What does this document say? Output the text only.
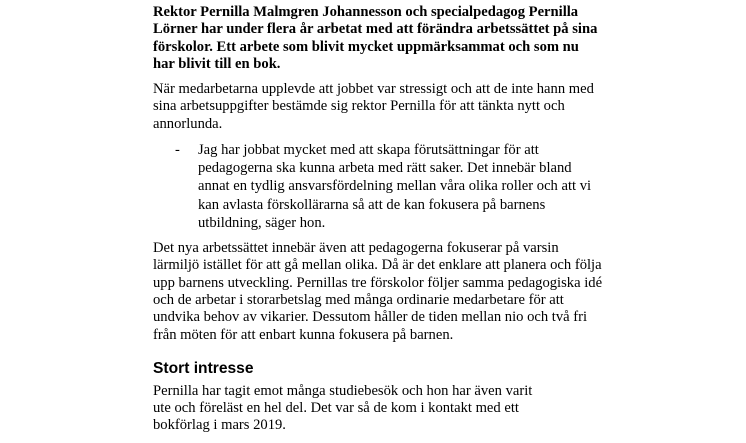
Rektor Pernilla Malmgren Johannesson och specialpedagog Pernilla
Lörner har under flera år arbetat med att förändra arbetssättet på sina
förskolor. Ett arbete som blivit mycket uppmärksammat och som nu
har blivit till en bok.

När medarbetarna upplevde att jobbet var stressigt och att de inte hann med
sina arbetsuppgifter bestämde sig rektor Pernilla för att tänkta nytt och
annorlunda.

- Jag har jobbat mycket med att skapa förutsättningar för att
pedagogerna ska kunna arbeta med rätt saker. Det innebär bland
annat en tydlig ansvarsfördelning mellan våra olika roller och att vi
kan avlasta förskollärarna så att de kan fokusera på barnens
utbildning, säger hon.

Det nya arbetssättet innebär även att pedagogerna fokuserar på varsin
lärmiljö istället för att gå mellan olika. Då är det enklare att planera och följa
upp barnens utveckling. Pernillas tre förskolor följer samma pedagogiska idé
och de arbetar i storarbetslag med många ordinarie medarbetare för att
undvika behov av vikarier. Dessutom håller de tiden mellan nio och två fri
från möten för att enbart kunna fokusera på barnen.

Stort intresse

Pernilla har tagit emot många studiebesök och hon har även varit
ute och föreläst en hel del. Det var så de kom i kontakt med ett
bokförlag i mars 2019.
